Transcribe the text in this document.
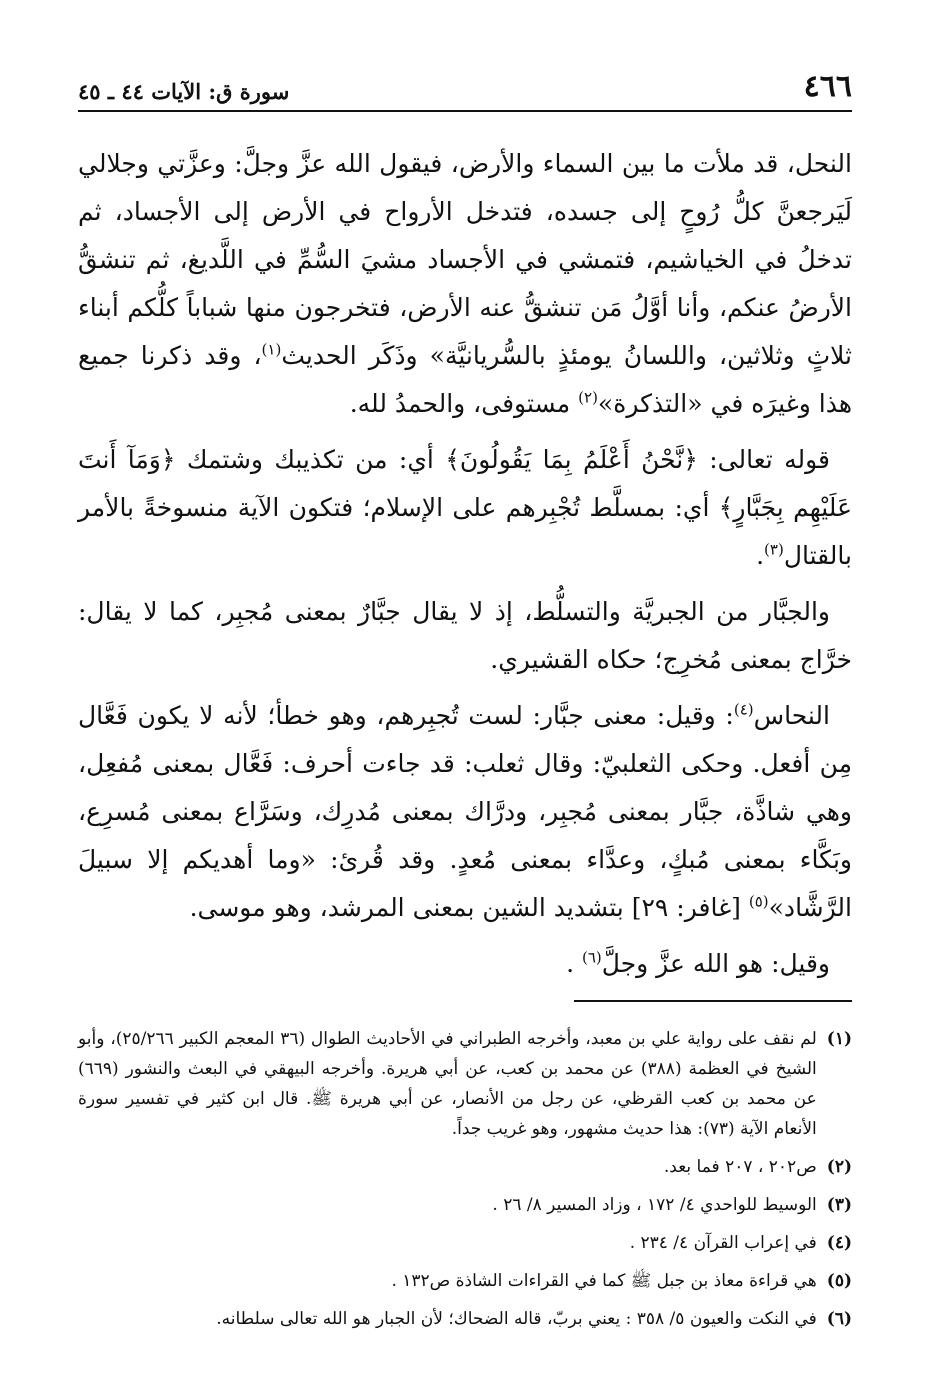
٤٦٦
سورة ق: الآيات ٤٤ ـ ٤٥

النحل، قد ملأت ما بين السماء والأرض، فيقول الله عزَّ وجلَّ: وعزَّتي وجلالي لَيَرجعنَّ كلُّ رُوحٍ إلى جسده، فتدخل الأرواح في الأرض إلى الأجساد، ثم تدخلُ في الخياشيم، فتمشي في الأجساد مشيَ السُّمِّ في اللَّديغ، ثم تنشقُّ الأرضُ عنكم، وأنا أوَّلُ مَن تنشقُّ عنه الأرض، فتخرجون منها شباباً كلُّكم أبناء ثلاثٍ وثلاثين، واللسانُ يومئذٍ بالسُّريانيَّة» وذَكَر الحديث$^{(١)}$، وقد ذكرنا جميع هذا وغيرَه في «التذكرة»$^{(٢)}$ مستوفى، والحمدُ لله.

قوله تعالى: ﴿نَّحْنُ أَعْلَمُ بِمَا يَقُولُونَ﴾ أي: من تكذيبك وشتمك ﴿وَمَآ أَنتَ عَلَيْهِم بِجَبَّارٍ﴾ أي: بمسلَّط تُجْبِرهم على الإسلام؛ فتكون الآية منسوخةً بالأمر بالقتال$^{(٣)}$.

والجبَّار من الجبريَّة والتسلُّط، إذ لا يقال جبَّارٌ بمعنى مُجبِر، كما لا يقال: خرَّاج بمعنى مُخرِج؛ حكاه القشيري.

النحاس$^{(٤)}$: وقيل: معنى جبَّار: لست تُجبِرهم، وهو خطأ؛ لأنه لا يكون فَعَّال مِن أفعل. وحكى الثعلبيّ: وقال ثعلب: قد جاءت أحرف: فَعَّال بمعنى مُفعِل، وهي شاذَّة، جبَّار بمعنى مُجبِر، ودرَّاك بمعنى مُدرِك، وسَرَّاع بمعنى مُسرِع، وبَكَّاء بمعنى مُبكٍ، وعدَّاء بمعنى مُعدٍ. وقد قُرئ: «وما أهديكم إلا سبيلَ الرَّشَّاد»$^{(٥)}$ [غافر: ٢٩] بتشديد الشين بمعنى المرشد، وهو موسى.

وقيل: هو الله عزَّ وجلَّ$^{(٦)}$ .

(١)
لم نقف على رواية علي بن معبد، وأخرجه الطبراني في الأحاديث الطوال (٣٦ المعجم الكبير ٢٥/٢٦٦)، وأبو الشيخ في العظمة (٣٨٨) عن محمد بن كعب، عن أبي هريرة. وأخرجه البيهقي في البعث والنشور (٦٦٩) عن محمد بن كعب القرظي، عن رجل من الأنصار، عن أبي هريرة ﷺ. قال ابن كثير في تفسير سورة الأنعام الآية (٧٣): هذا حديث مشهور، وهو غريب جداً.
(٢)
ص٢٠٢ ، ٢٠٧ فما بعد.
(٣)
الوسيط للواحدي ٤/ ١٧٢ ، وزاد المسير ٨/ ٢٦ .
(٤)
في إعراب القرآن ٤/ ٢٣٤ .
(٥)
هي قراءة معاذ بن جبل ﷺ كما في القراءات الشاذة ص١٣٢ .
(٦)
في النكت والعيون ٥/ ٣٥٨ : يعني بربّ، قاله الضحاك؛ لأن الجبار هو الله تعالى سلطانه.
